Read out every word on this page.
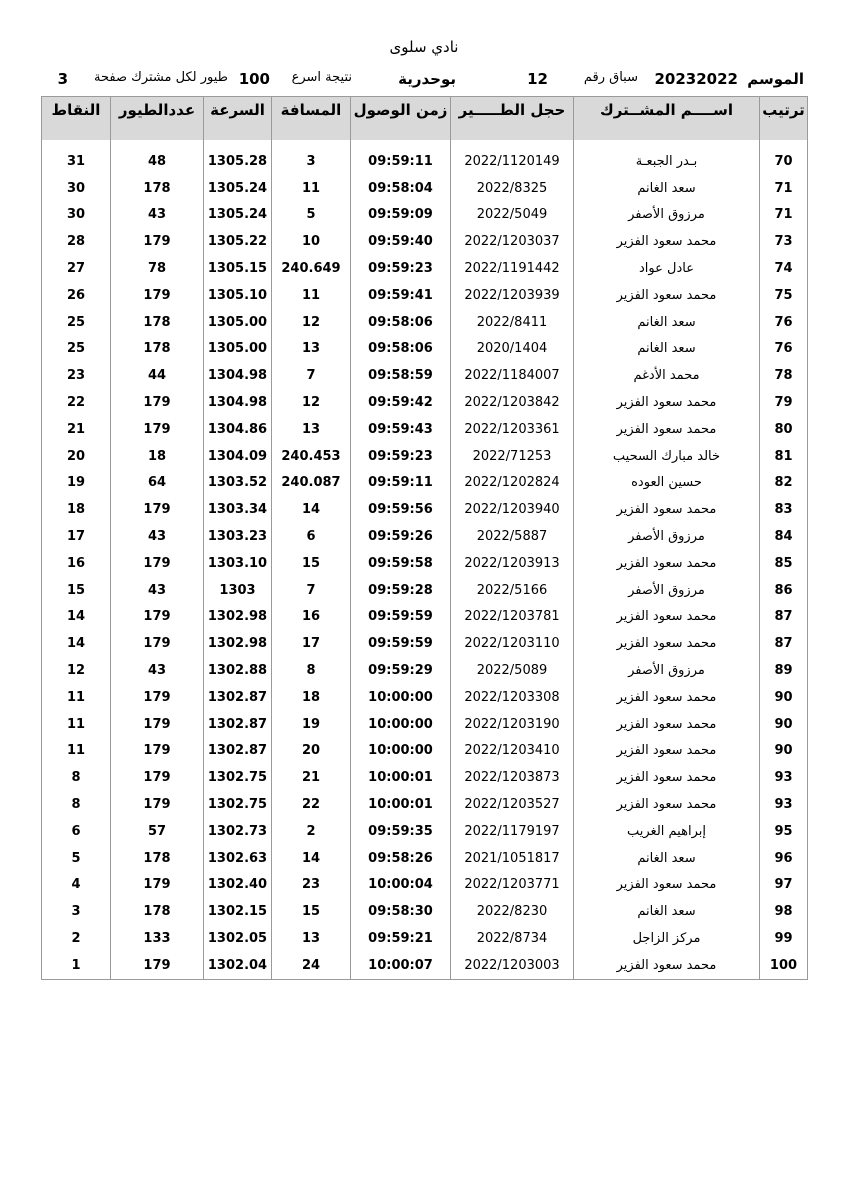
نادي سلوى
الموسم
20232022
سباق رقم
12
بوحدرية
نتيجة اسرع
100
طيور لكل مشترك صفحة
3
ترتيب	اســــم المشــترك	حجل الطـــــير	زمن الوصول	المسافة	السرعة	عددالطيور	النقاط

70	بـدر الجبعـة	2022/1120149	09:59:11	3	1305.28	48	31
71	سعد الغانم	2022/8325	09:58:04	11	1305.24	178	30
71	مرزوق الأصفر	2022/5049	09:59:09	5	1305.24	43	30
73	محمد سعود الفزير	2022/1203037	09:59:40	10	1305.22	179	28
74	عادل عواد	2022/1191442	09:59:23	240.649	1305.15	78	27
75	محمد سعود الفزير	2022/1203939	09:59:41	11	1305.10	179	26
76	سعد الغانم	2022/8411	09:58:06	12	1305.00	178	25
76	سعد الغانم	2020/1404	09:58:06	13	1305.00	178	25
78	محمد الأدغم	2022/1184007	09:58:59	7	1304.98	44	23
79	محمد سعود الفزير	2022/1203842	09:59:42	12	1304.98	179	22
80	محمد سعود الفزير	2022/1203361	09:59:43	13	1304.86	179	21
81	خالد مبارك السحيب	2022/71253	09:59:23	240.453	1304.09	18	20
82	حسين العوده	2022/1202824	09:59:11	240.087	1303.52	64	19
83	محمد سعود الفزير	2022/1203940	09:59:56	14	1303.34	179	18
84	مرزوق الأصفر	2022/5887	09:59:26	6	1303.23	43	17
85	محمد سعود الفزير	2022/1203913	09:59:58	15	1303.10	179	16
86	مرزوق الأصفر	2022/5166	09:59:28	7	1303	43	15
87	محمد سعود الفزير	2022/1203781	09:59:59	16	1302.98	179	14
87	محمد سعود الفزير	2022/1203110	09:59:59	17	1302.98	179	14
89	مرزوق الأصفر	2022/5089	09:59:29	8	1302.88	43	12
90	محمد سعود الفزير	2022/1203308	10:00:00	18	1302.87	179	11
90	محمد سعود الفزير	2022/1203190	10:00:00	19	1302.87	179	11
90	محمد سعود الفزير	2022/1203410	10:00:00	20	1302.87	179	11
93	محمد سعود الفزير	2022/1203873	10:00:01	21	1302.75	179	8
93	محمد سعود الفزير	2022/1203527	10:00:01	22	1302.75	179	8
95	إبراهيم الغريب	2022/1179197	09:59:35	2	1302.73	57	6
96	سعد الغانم	2021/1051817	09:58:26	14	1302.63	178	5
97	محمد سعود الفزير	2022/1203771	10:00:04	23	1302.40	179	4
98	سعد الغانم	2022/8230	09:58:30	15	1302.15	178	3
99	مركز الزاجل	2022/8734	09:59:21	13	1302.05	133	2
100	محمد سعود الفزير	2022/1203003	10:00:07	24	1302.04	179	1
